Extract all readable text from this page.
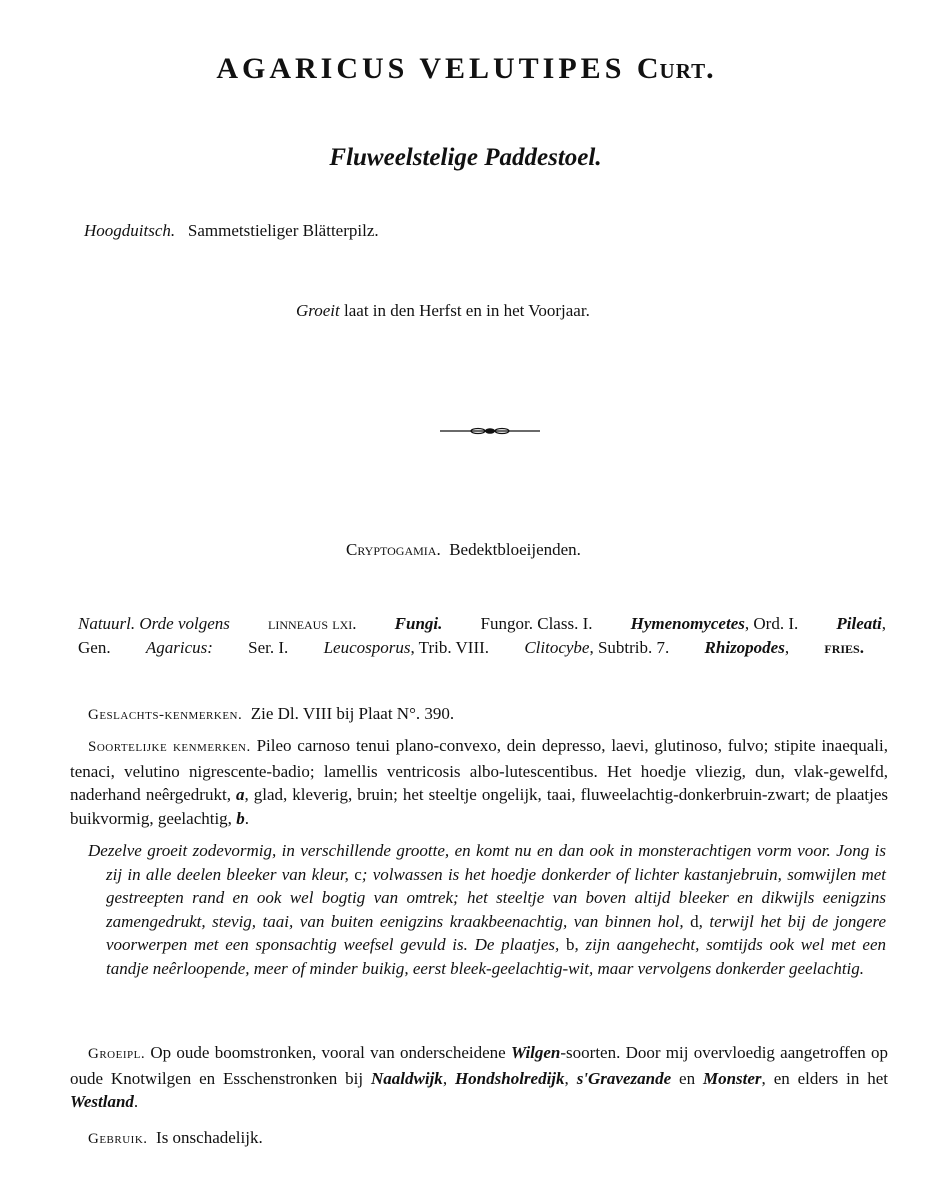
AGARICUS VELUTIPES Curt.
Fluweelstelige Paddestoel.
Hoogduitsch. Sammetstieliger Blätterpilz.
Groeit laat in den Herfst en in het Voorjaar.
Cryptogamia. Bedektbloeijenden.
Natuurl. Orde volgens linneaus lxi. Fungi. Fungor. Class. I. Hymenomycetes, Ord. I. Pileati,
Gen. Agaricus: Ser. I. Leucosporus, Trib. VIII. Clitocybe, Subtrib. 7. Rhizopodes, fries.
Geslachts-kenmerken. Zie Dl. VIII bij Plaat N°. 390.
Soortelijke kenmerken. Pileo carnoso tenui plano-convexo, dein depresso, laevi, glutinoso, fulvo; stipite inaequali, tenaci, velutino nigrescente-badio; lamellis ventricosis albo-lutescentibus. Het hoedje vliezig, dun, vlak-gewelfd, naderhand neêrgedrukt, a, glad, kleverig, bruin; het steeltje ongelijk, taai, fluweelachtig-donkerbruin-zwart; de plaatjes buikvormig, geelachtig, b.
Dezelve groeit zodevormig, in verschillende grootte, en komt nu en dan ook in monsterachtigen vorm voor. Jong is zij in alle deelen bleeker van kleur, c; volwassen is het hoedje donkerder of lichter kastanjebruin, somwijlen met gestreepten rand en ook wel bogtig van omtrek; het steeltje van boven altijd bleeker en dikwijls eenigzins zamengedrukt, stevig, taai, van buiten eenigzins kraakbeenachtig, van binnen hol, d, terwijl het bij de jongere voorwerpen met een sponsachtig weefsel gevuld is. De plaatjes, b, zijn aangehecht, somtijds ook wel met een tandje neêrloopende, meer of minder buikig, eerst bleek-geelachtig-wit, maar vervolgens donkerder geelachtig.
Groeipl. Op oude boomstronken, vooral van onderscheidene Wilgen-soorten. Door mij overvloedig aangetroffen op oude Knotwilgen en Esschenstronken bij Naaldwijk, Hondsholredijk, s'Gravezande en Monster, en elders in het Westland.
Gebruik. Is onschadelijk.
